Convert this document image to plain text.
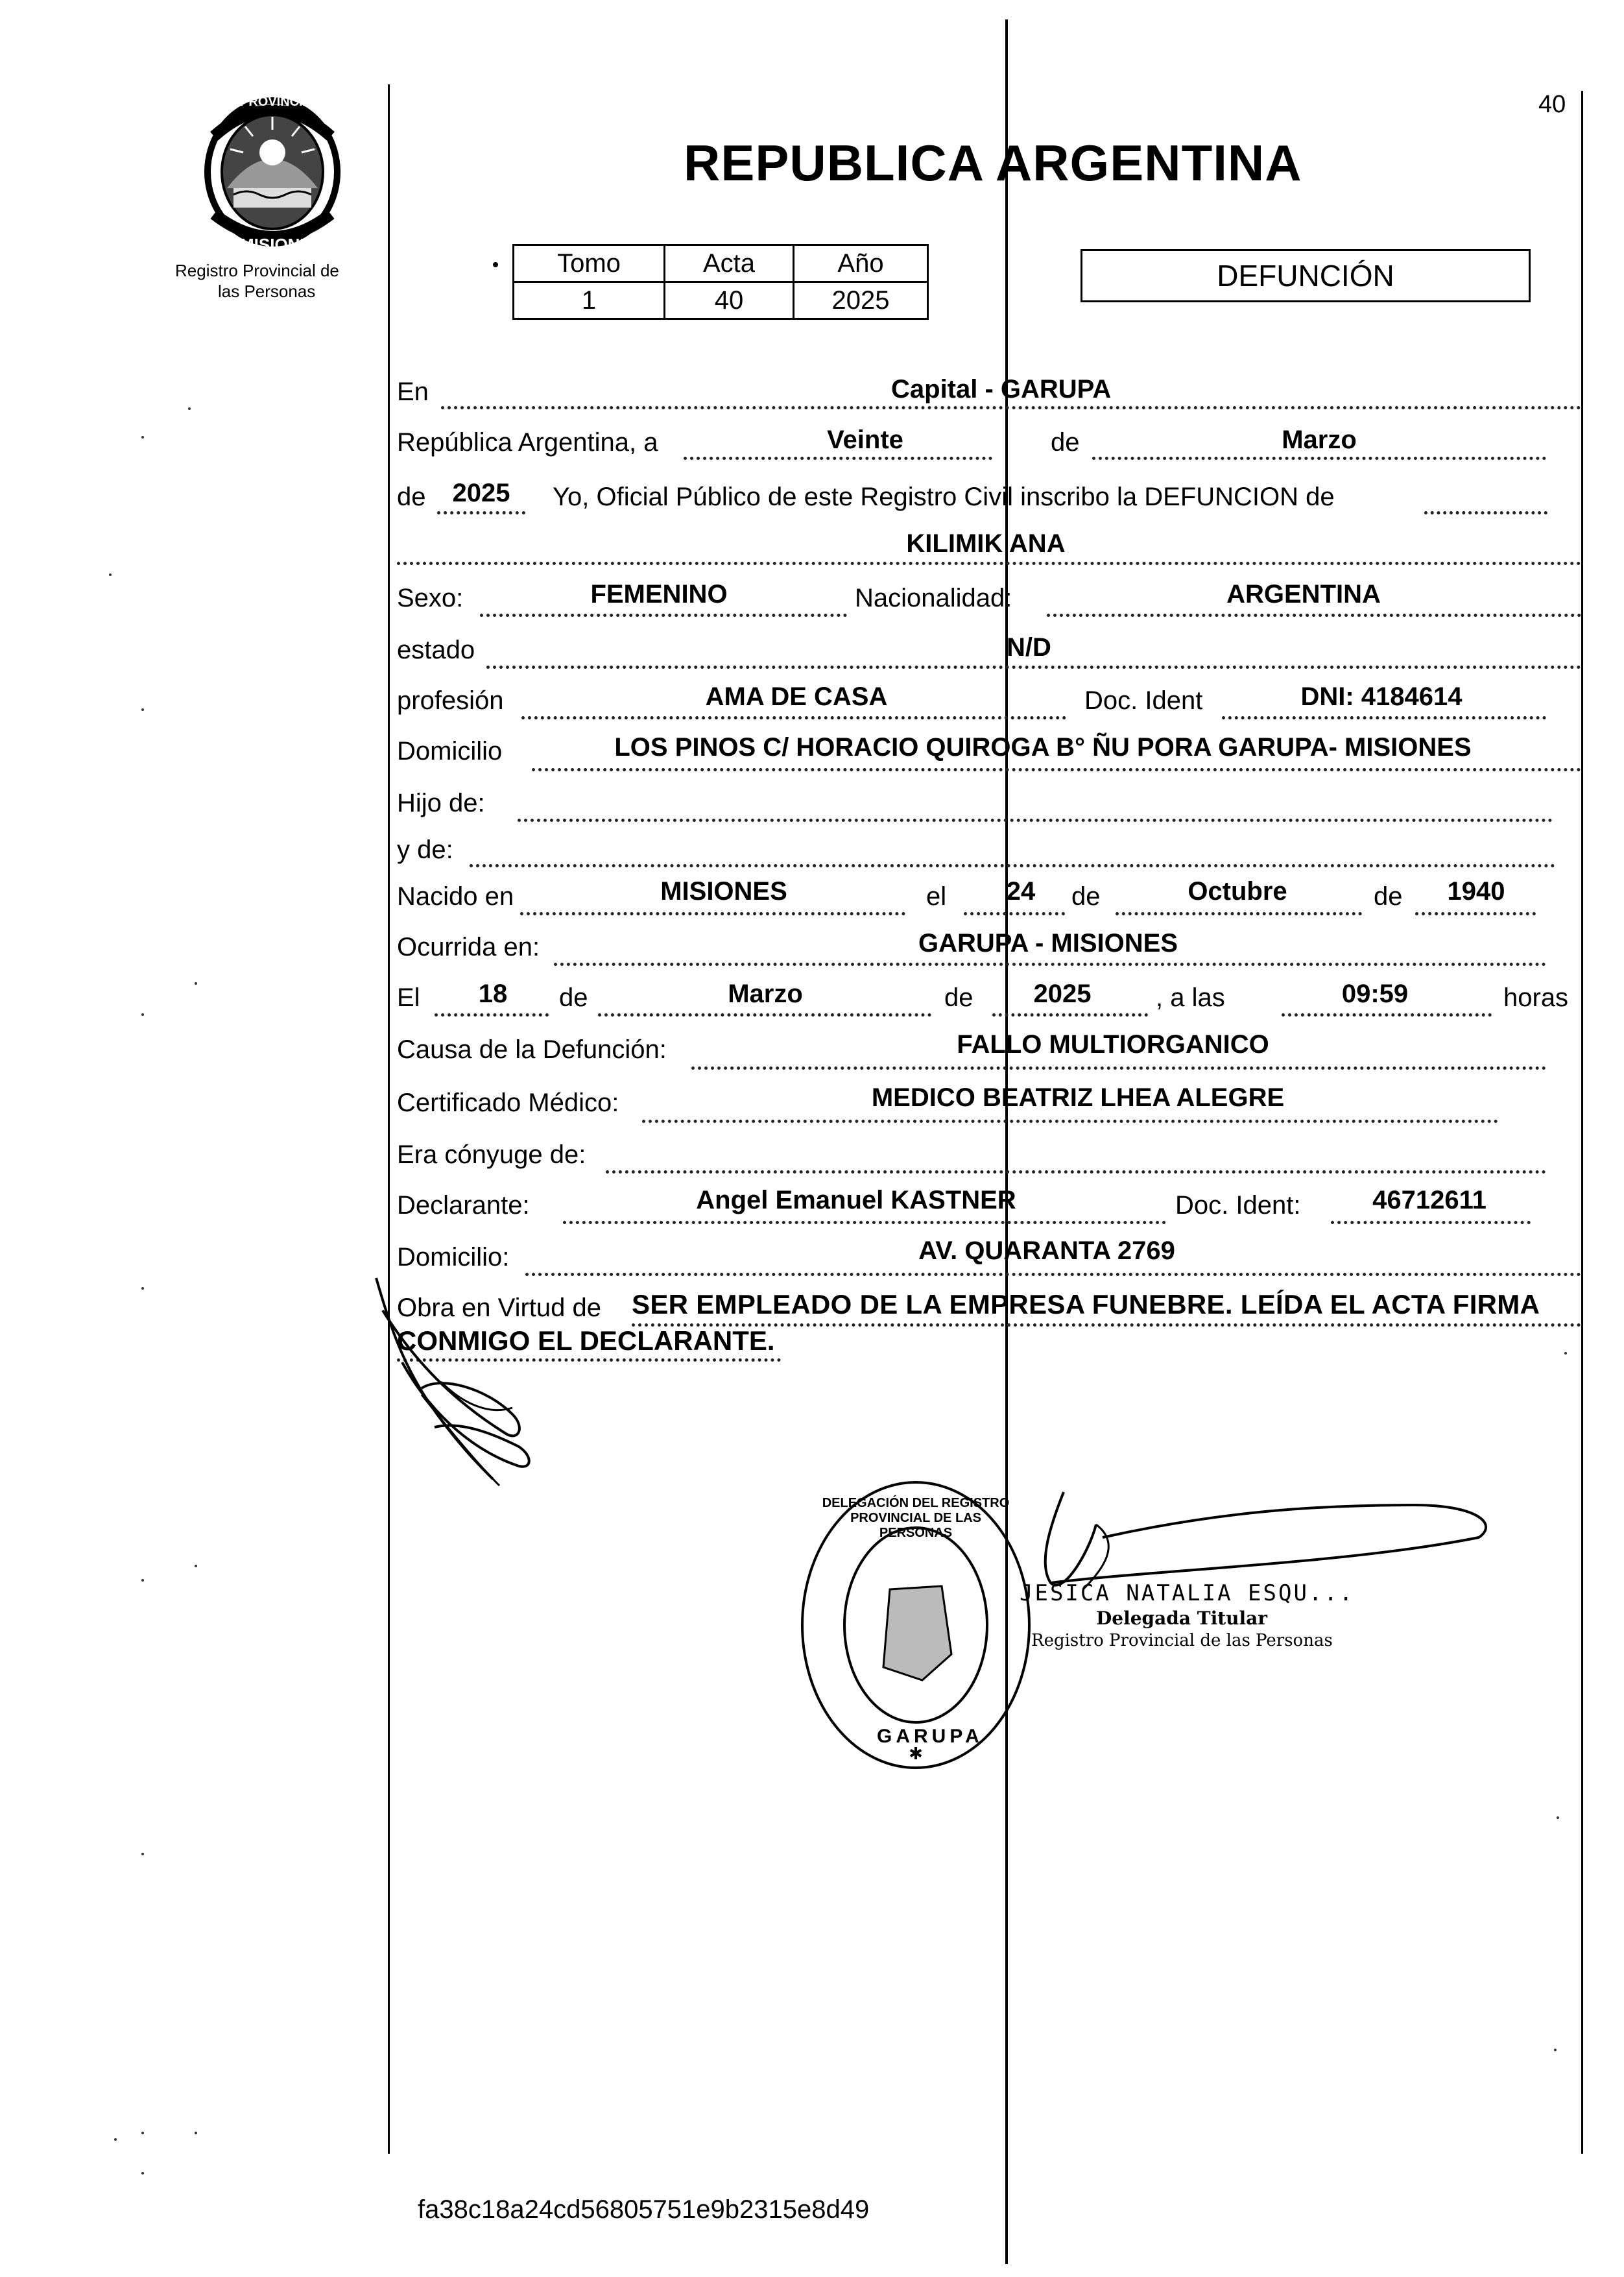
40
PROVINCIA DE
MISIONES
Registro Provincial de
las Personas
REPUBLICA ARGENTINA
Tomo	Acta	Año
1	40	2025
DEFUNCIÓN
En	Capital - GARUPA
República Argentina, a	Veinte	de	Marzo
de 2025 Yo, Oficial Público de este Registro Civil inscribo la DEFUNCION de
KILIMIK ANA
Sexo:	FEMENINO	Nacionalidad:	ARGENTINA
estado	N/D
profesión	AMA DE CASA	Doc. Ident	DNI: 4184614
Domicilio	LOS PINOS C/ HORACIO QUIROGA B° ÑU PORA GARUPA- MISIONES
Hijo de:
y de:
Nacido en	MISIONES	el 24 de	Octubre	de 1940
Ocurrida en:	GARUPA - MISIONES
El 18 de	Marzo	de 2025 , a las	09:59	horas
Causa de la Defunción:	FALLO MULTIORGANICO
Certificado Médico:	MEDICO BEATRIZ LHEA ALEGRE
Era cónyuge de:
Declarante:	Angel Emanuel KASTNER	Doc. Ident:	46712611
Domicilio:	AV. QUARANTA 2769
Obra en Virtud de SER EMPLEADO DE LA EMPRESA FUNEBRE. LEÍDA EL ACTA FIRMA
CONMIGO EL DECLARANTE.
✱
DELEGACIÓN DEL REGISTRO PROVINCIAL DE LAS PERSONAS
GARUPA
JESICA NATALIA ESQU...
Delegada Titular
Registro Provincial de las Personas
fa38c18a24cd56805751e9b2315e8d49
